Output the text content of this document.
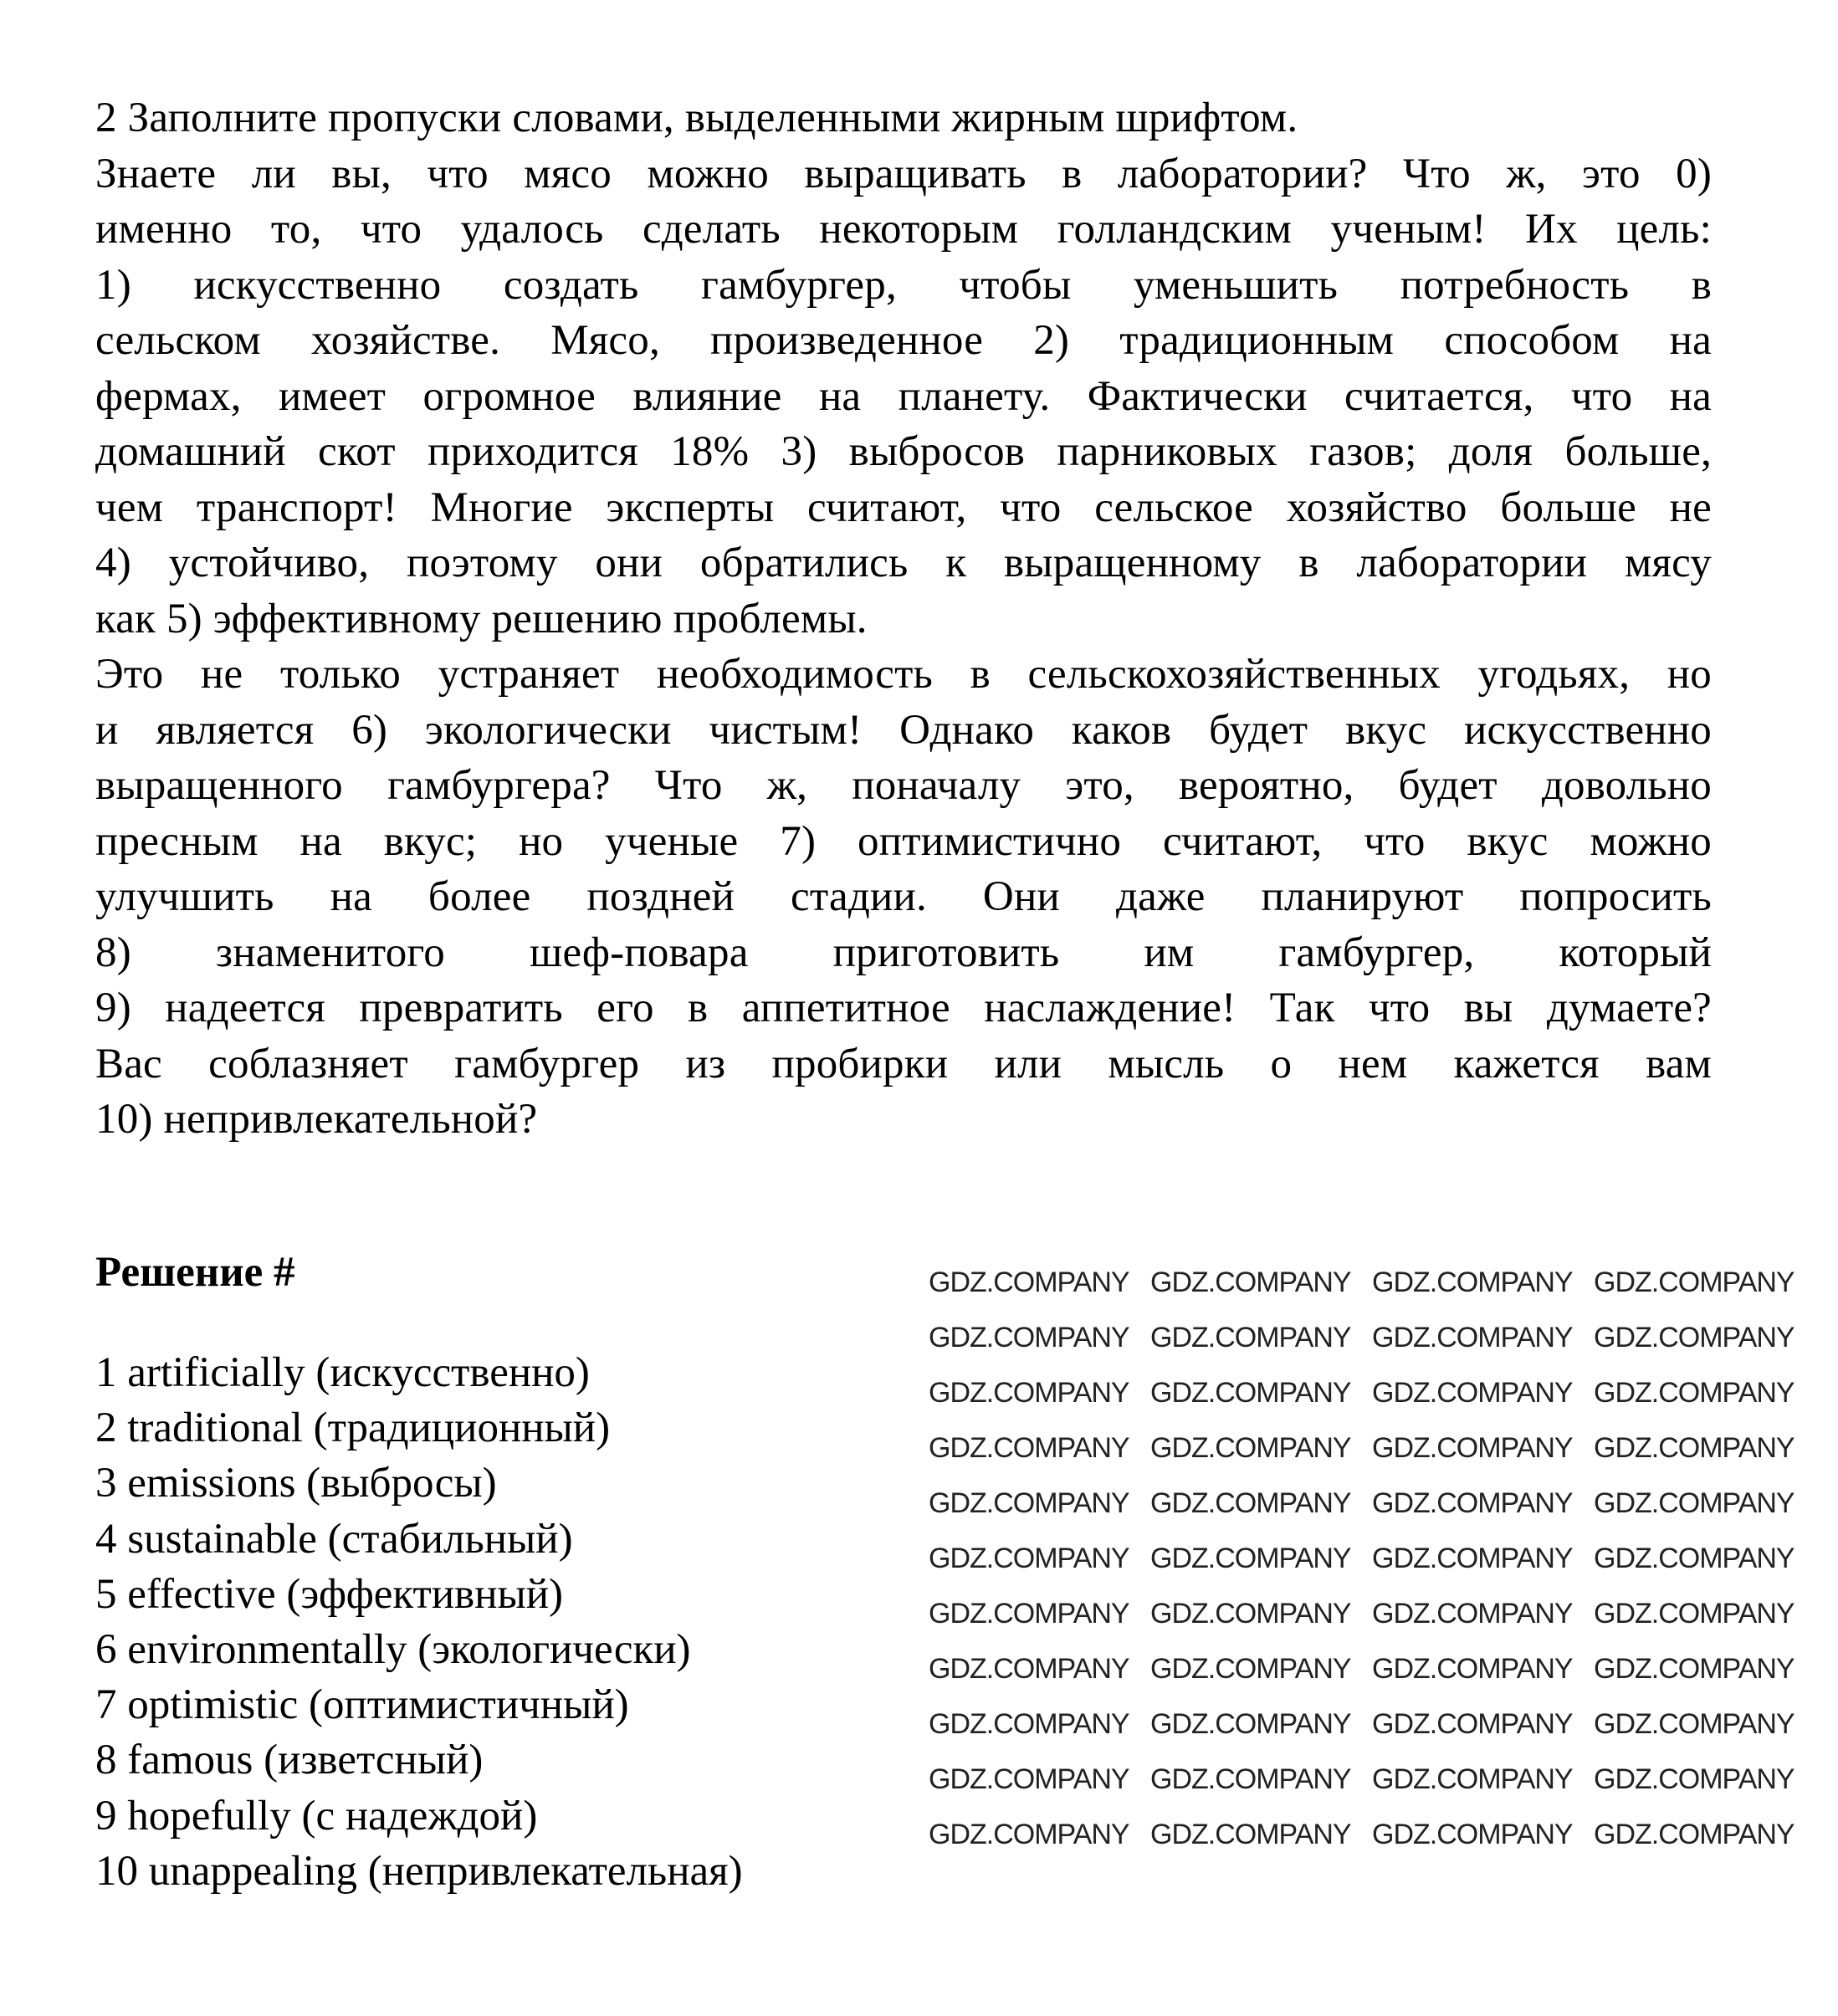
2 Заполните пропуски словами, выделенными жирным шрифтом.
Знаете ли вы, что мясо можно выращивать в лаборатории? Что ж, это 0)
именно то, что удалось сделать некоторым голландским ученым! Их цель:
1) искусственно создать гамбургер, чтобы уменьшить потребность в
сельском хозяйстве. Мясо, произведенное 2) традиционным способом на
фермах, имеет огромное влияние на планету. Фактически считается, что на
домашний скот приходится 18% 3) выбросов парниковых газов; доля больше,
чем транспорт! Многие эксперты считают, что сельское хозяйство больше не
4) устойчиво, поэтому они обратились к выращенному в лаборатории мясу
как 5) эффективному решению проблемы.
Это не только устраняет необходимость в сельскохозяйственных угодьях, но
и является 6) экологически чистым! Однако каков будет вкус искусственно
выращенного гамбургера? Что ж, поначалу это, вероятно, будет довольно
пресным на вкус; но ученые 7) оптимистично считают, что вкус можно
улучшить на более поздней стадии. Они даже планируют попросить
8) знаменитого шеф-повара приготовить им гамбургер, который
9) надеется превратить его в аппетитное наслаждение! Так что вы думаете?
Вас соблазняет гамбургер из пробирки или мысль о нем кажется вам
10) непривлекательной?
Решение #
1 artificially (искусственно)
2 traditional (традиционный)
3 emissions (выбросы)
4 sustainable (стабильный)
5 effective (эффективный)
6 environmentally (экологически)
7 optimistic (оптимистичный)
8 famous (изветсный)
9 hopefully (с надеждой)
10 unappealing (непривлекательная)
GDZ.COMPANY GDZ.COMPANY GDZ.COMPANY GDZ.COMPANY
GDZ.COMPANY GDZ.COMPANY GDZ.COMPANY GDZ.COMPANY
GDZ.COMPANY GDZ.COMPANY GDZ.COMPANY GDZ.COMPANY
GDZ.COMPANY GDZ.COMPANY GDZ.COMPANY GDZ.COMPANY
GDZ.COMPANY GDZ.COMPANY GDZ.COMPANY GDZ.COMPANY
GDZ.COMPANY GDZ.COMPANY GDZ.COMPANY GDZ.COMPANY
GDZ.COMPANY GDZ.COMPANY GDZ.COMPANY GDZ.COMPANY
GDZ.COMPANY GDZ.COMPANY GDZ.COMPANY GDZ.COMPANY
GDZ.COMPANY GDZ.COMPANY GDZ.COMPANY GDZ.COMPANY
GDZ.COMPANY GDZ.COMPANY GDZ.COMPANY GDZ.COMPANY
GDZ.COMPANY GDZ.COMPANY GDZ.COMPANY GDZ.COMPANY
